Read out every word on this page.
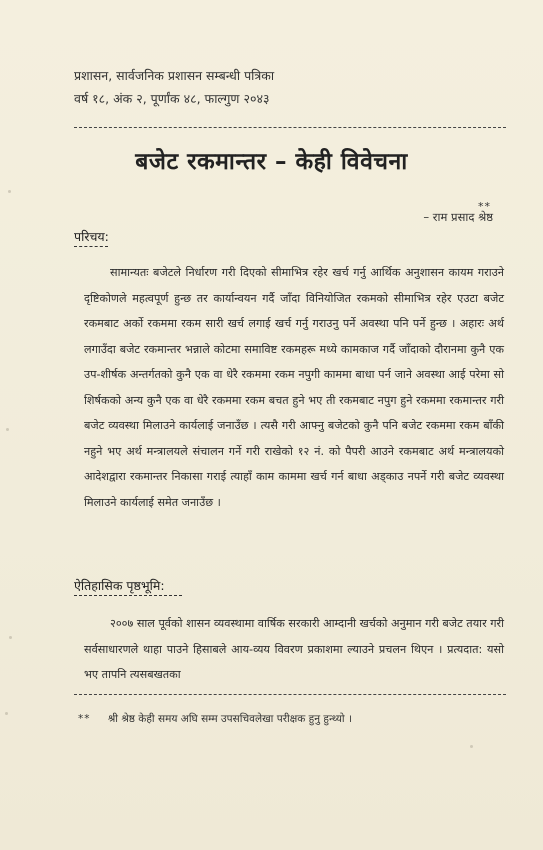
प्रशासन, सार्वजनिक प्रशासन सम्बन्धी पत्रिका
वर्ष १८, अंक २, पूर्णांक ४८, फाल्गुण २०४३
बजेट रकमान्तर – केही विवेचना
**
– राम प्रसाद श्रेष्ठ
परिचय:
सामान्यतः बजेटले निर्धारण गरी दिएको सीमाभित्र रहेर खर्च गर्नु आर्थिक अनुशासन कायम गराउने दृष्टिकोणले महत्वपूर्ण हुन्छ तर कार्यान्वयन गर्दै जाँदा विनियोजित रकमको सीमाभित्र रहेर एउटा बजेट रकमबाट अर्को रकममा रकम सारी खर्च लगाई खर्च गर्नु गराउनु पर्ने अवस्था पनि पर्ने हुन्छ । अहारः अर्थ लगाउँदा बजेट रकमान्तर भन्नाले कोटमा समाविष्ट रकमहरू मध्ये कामकाज गर्दै जाँदाको दौरानमा कुनै एक उप-शीर्षक अन्तर्गतको कुनै एक वा धेरै रकममा रकम नपुगी काममा बाधा पर्न जाने अवस्था आई परेमा सो शिर्षकको अन्य कुनै एक वा धेरै रकममा रकम बचत हुने भए ती रकमबाट नपुग हुने रकममा रकमान्तर गरी बजेट व्यवस्था मिलाउने कार्यलाई जनाउँछ । त्यसै गरी आफ्नु बजेटको कुनै पनि बजेट रकममा रकम बाँकी नहुने भए अर्थ मन्त्रालयले संचालन गर्ने गरी राखेको १२ नं. को पैपरी आउने रकमबाट अर्थ मन्त्रालयको आदेशद्वारा रकमान्तर निकासा गराई त्याहाँ काम काममा खर्च गर्न बाधा अड्काउ नपर्ने गरी बजेट व्यवस्था मिलाउने कार्यलाई समेत जनाउँछ ।
ऐतिहासिक पृष्ठभूमि:
२००७ साल पूर्वको शासन व्यवस्थामा वार्षिक सरकारी आम्दानी खर्चको अनुमान गरी बजेट तयार गरी सर्वसाधारणले थाहा पाउने हिसाबले आय-व्यय विवरण प्रकाशमा ल्याउने प्रचलन थिएन । प्रत्यदात: यसो भए तापनि त्यसबखतका
** श्री श्रेष्ठ केही समय अघि सम्म उपसचिवलेखा परीक्षक हुनु हुन्थ्यो ।
